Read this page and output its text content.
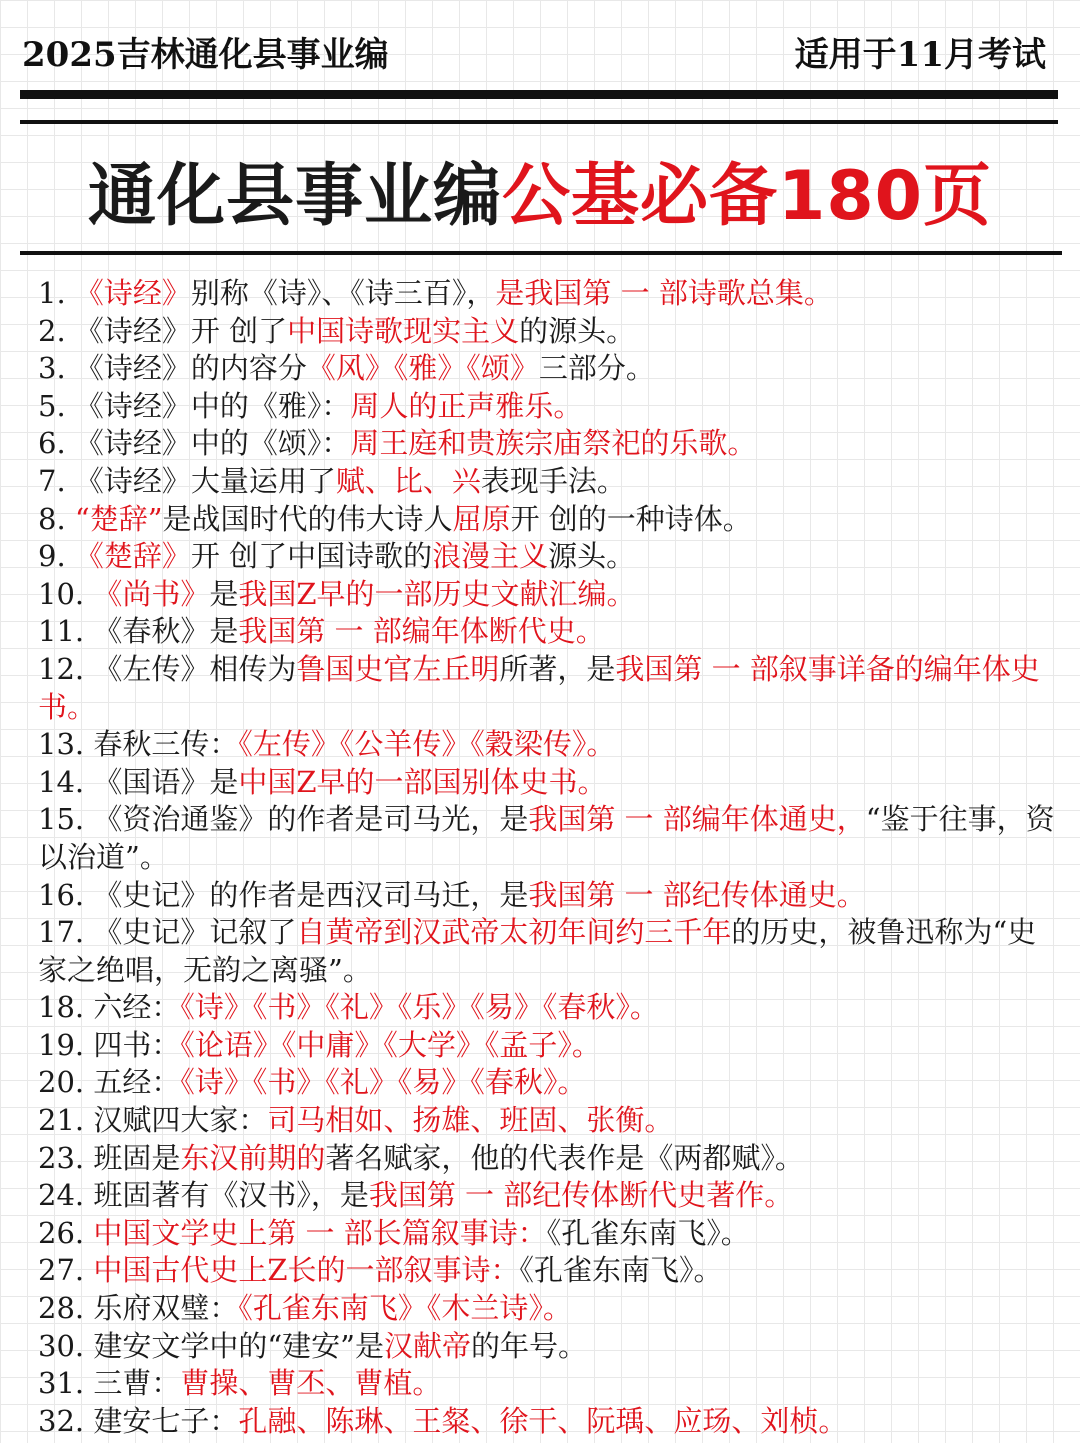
2025吉林通化县事业编	适用于11月考试
通化县事业编公基必备180页

1. 《诗经》别称《诗》、《诗三百》，是我国第 一 部诗歌总集。

2. 《诗经》开 创了中国诗歌现实主义的源头。

3. 《诗经》的内容分《风》《雅》《颂》三部分。

5. 《诗经》中的《雅》：周人的正声雅乐。

6. 《诗经》中的《颂》：周王庭和贵族宗庙祭祀的乐歌。

7. 《诗经》大量运用了赋、比、兴表现手法。

8. “楚辞”是战国时代的伟大诗人屈原开 创的一种诗体。

9. 《楚辞》开 创了中国诗歌的浪漫主义源头。

10. 《尚书》是我国Z早的一部历史文献汇编。

11. 《春秋》是我国第 一 部编年体断代史。

12. 《左传》相传为鲁国史官左丘明所著，是我国第 一 部叙事详备的编年体史书。

13. 春秋三传：《左传》《公羊传》《穀梁传》。

14. 《国语》是中国Z早的一部国别体史书。

15. 《资治通鉴》的作者是司马光，是我国第 一 部编年体通史，“鉴于往事，资以治道”。

16. 《史记》的作者是西汉司马迁，是我国第 一 部纪传体通史。

17. 《史记》记叙了自黄帝到汉武帝太初年间约三千年的历史，被鲁迅称为“史家之绝唱，无韵之离骚”。

18. 六经：《诗》《书》《礼》《乐》《易》《春秋》。

19. 四书：《论语》《中庸》《大学》《孟子》。

20. 五经：《诗》《书》《礼》《易》《春秋》。

21. 汉赋四大家：司马相如、扬雄、班固、张衡。

23. 班固是东汉前期的著名赋家，他的代表作是《两都赋》。

24. 班固著有《汉书》，是我国第 一 部纪传体断代史著作。

26. 中国文学史上第 一 部长篇叙事诗：《孔雀东南飞》。

27. 中国古代史上Z长的一部叙事诗：《孔雀东南飞》。

28. 乐府双璧：《孔雀东南飞》《木兰诗》。

30. 建安文学中的“建安”是汉献帝的年号。

31. 三曹：曹操、曹丕、曹植。

32. 建安七子：孔融、陈琳、王粲、徐干、阮瑀、应玚、刘桢。
